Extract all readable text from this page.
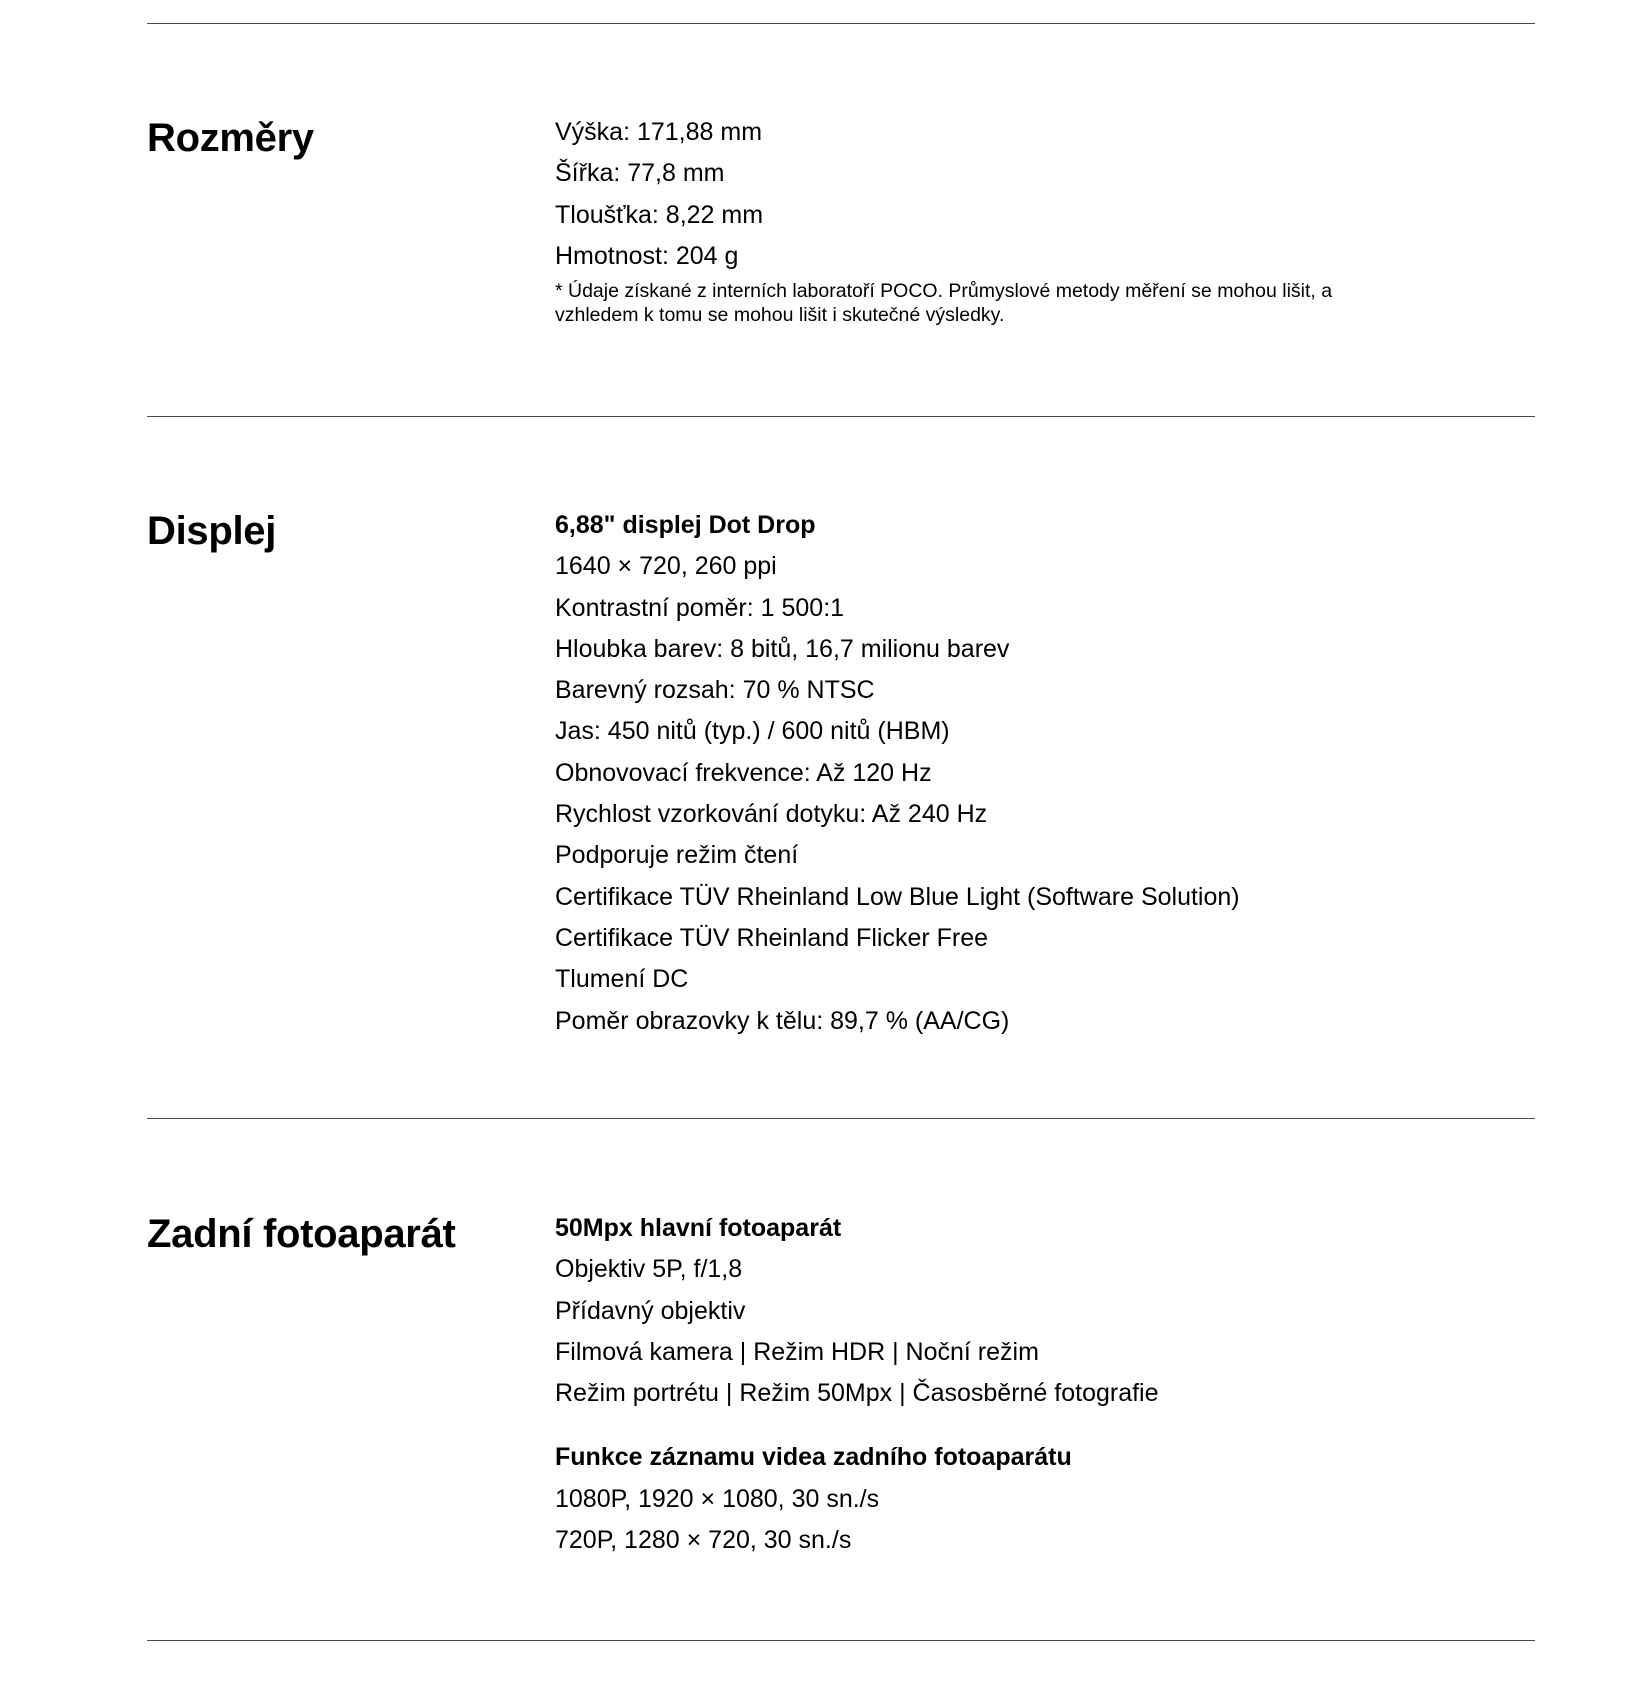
Rozměry	Výška: 171,88 mm
Šířka: 77,8 mm
Tloušťka: 8,22 mm
Hmotnost: 204 g
* Údaje získané z interních laboratoří POCO. Průmyslové metody měření se mohou lišit, a vzhledem k tomu se mohou lišit i skutečné výsledky.
Displej	6,88" displej Dot Drop
1640 × 720, 260 ppi
Kontrastní poměr: 1 500:1
Hloubka barev: 8 bitů, 16,7 milionu barev
Barevný rozsah: 70 % NTSC
Jas: 450 nitů (typ.) / 600 nitů (HBM)
Obnovovací frekvence: Až 120 Hz
Rychlost vzorkování dotyku: Až 240 Hz
Podporuje režim čtení
Certifikace TÜV Rheinland Low Blue Light (Software Solution)
Certifikace TÜV Rheinland Flicker Free
Tlumení DC
Poměr obrazovky k tělu: 89,7 % (AA/CG)
Zadní fotoaparát	50Mpx hlavní fotoaparát
Objektiv 5P, f/1,8
Přídavný objektiv
Filmová kamera | Režim HDR | Noční režim
Režim portrétu | Režim 50Mpx | Časosběrné fotografie
Funkce záznamu videa zadního fotoaparátu
1080P, 1920 × 1080, 30 sn./s
720P, 1280 × 720, 30 sn./s
